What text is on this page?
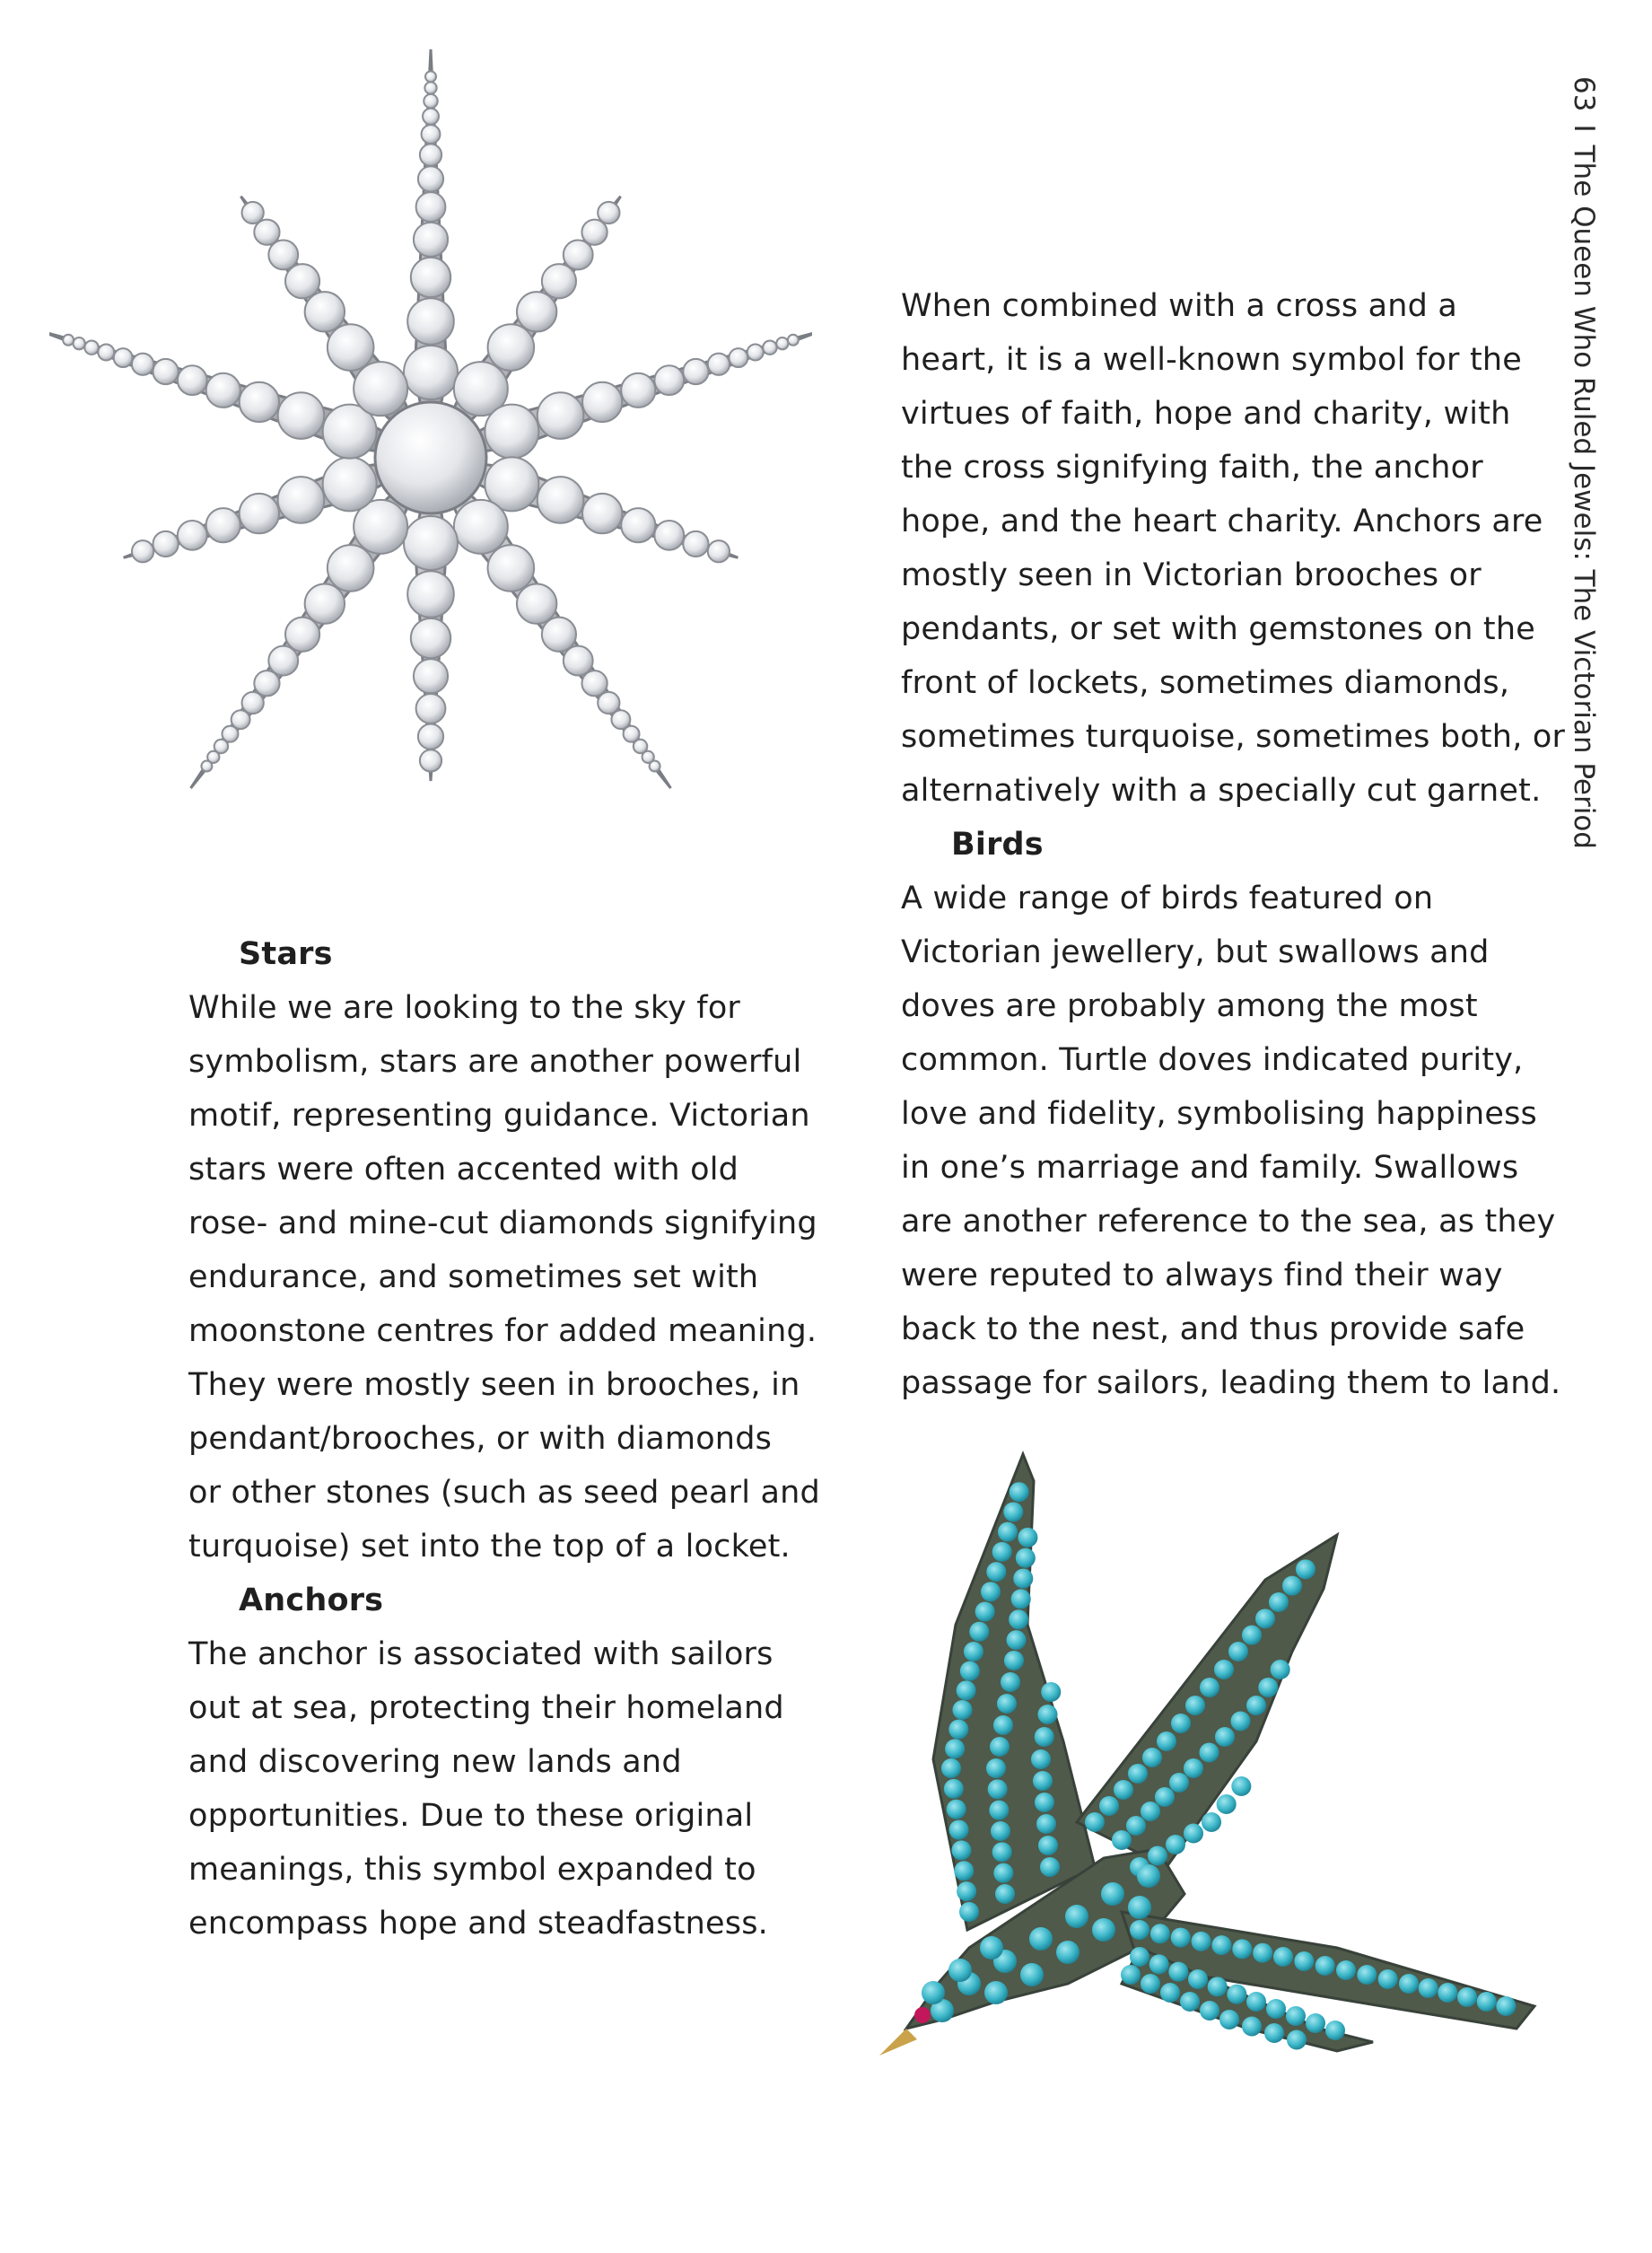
Stars

While we are looking to the sky for

symbolism, stars are another powerful

motif, representing guidance. Victorian

stars were often accented with old

rose- and mine-cut diamonds signifying

endurance, and sometimes set with

moonstone centres for added meaning.

They were mostly seen in brooches, in

pendant/brooches, or with diamonds

or other stones (such as seed pearl and

turquoise) set into the top of a locket.

Anchors

The anchor is associated with sailors

out at sea, protecting their homeland

and discovering new lands and

opportunities. Due to these original

meanings, this symbol expanded to

encompass hope and steadfastness.

When combined with a cross and a

heart, it is a well-known symbol for the

virtues of faith, hope and charity, with

the cross signifying faith, the anchor

hope, and the heart charity. Anchors are

mostly seen in Victorian brooches or

pendants, or set with gemstones on the

front of lockets, sometimes diamonds,

sometimes turquoise, sometimes both, or

alternatively with a specially cut garnet.

Birds

A wide range of birds featured on

Victorian jewellery, but swallows and

doves are probably among the most

common. Turtle doves indicated purity,

love and fidelity, symbolising happiness

in one’s marriage and family. Swallows

are another reference to the sea, as they

were reputed to always find their way

back to the nest, and thus provide safe

passage for sailors, leading them to land.

63IThe Queen Who Ruled Jewels: The Victorian Period
